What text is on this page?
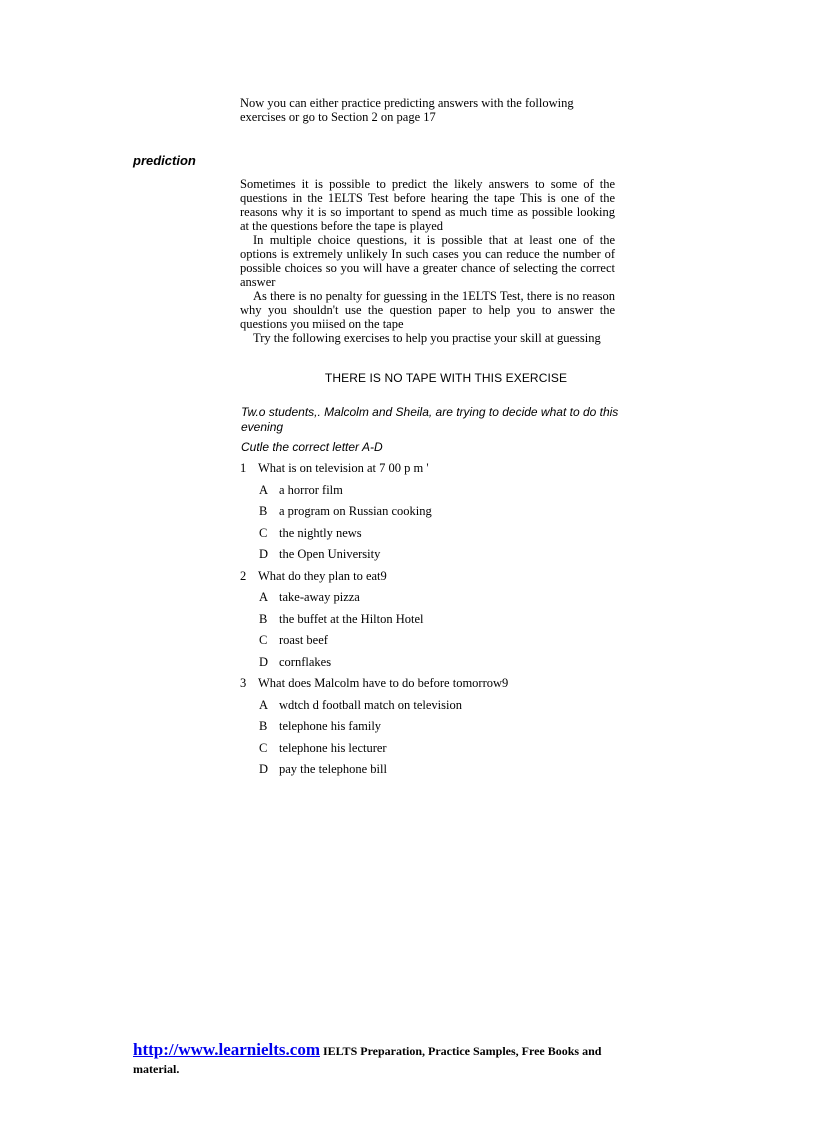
Now you can either practice predicting answers with the following exercises or go to Section 2 on page 17
prediction

Sometimes it is possible to predict the likely answers to some of the questions in the 1ELTS Test before hearing the tape This is one of the reasons why it is so important to spend as much time as possible looking at the questions before the tape is played

In multiple choice questions, it is possible that at least one of the options is extremely unlikely In such cases you can reduce the number of possible choices so you will have a greater chance of selecting the correct answer

As there is no penalty for guessing in the 1ELTS Test, there is no reason why you shouldn't use the question paper to help you to answer the questions you miised on the tape

Try the following exercises to help you practise your skill at guessing

THERE IS NO TAPE WITH THIS EXERCISE
Tw.o students,. Malcolm and Sheila, are trying to decide what to do this evening
Cutle the correct letter A-D
1 What is on television at 7 00 p m '
A a horror film
B a program on Russian cooking
C the nightly news
D the Open University
2 What do they plan to eat9
A take-away pizza
B the buffet at the Hilton Hotel
C roast beef
D cornflakes
3 What does Malcolm have to do before tomorrow9
A wdtch d football match on television
B telephone his family
C telephone his lecturer
D pay the telephone bill
http://www.learnielts.com IELTS Preparation, Practice Samples, Free Books and material.
